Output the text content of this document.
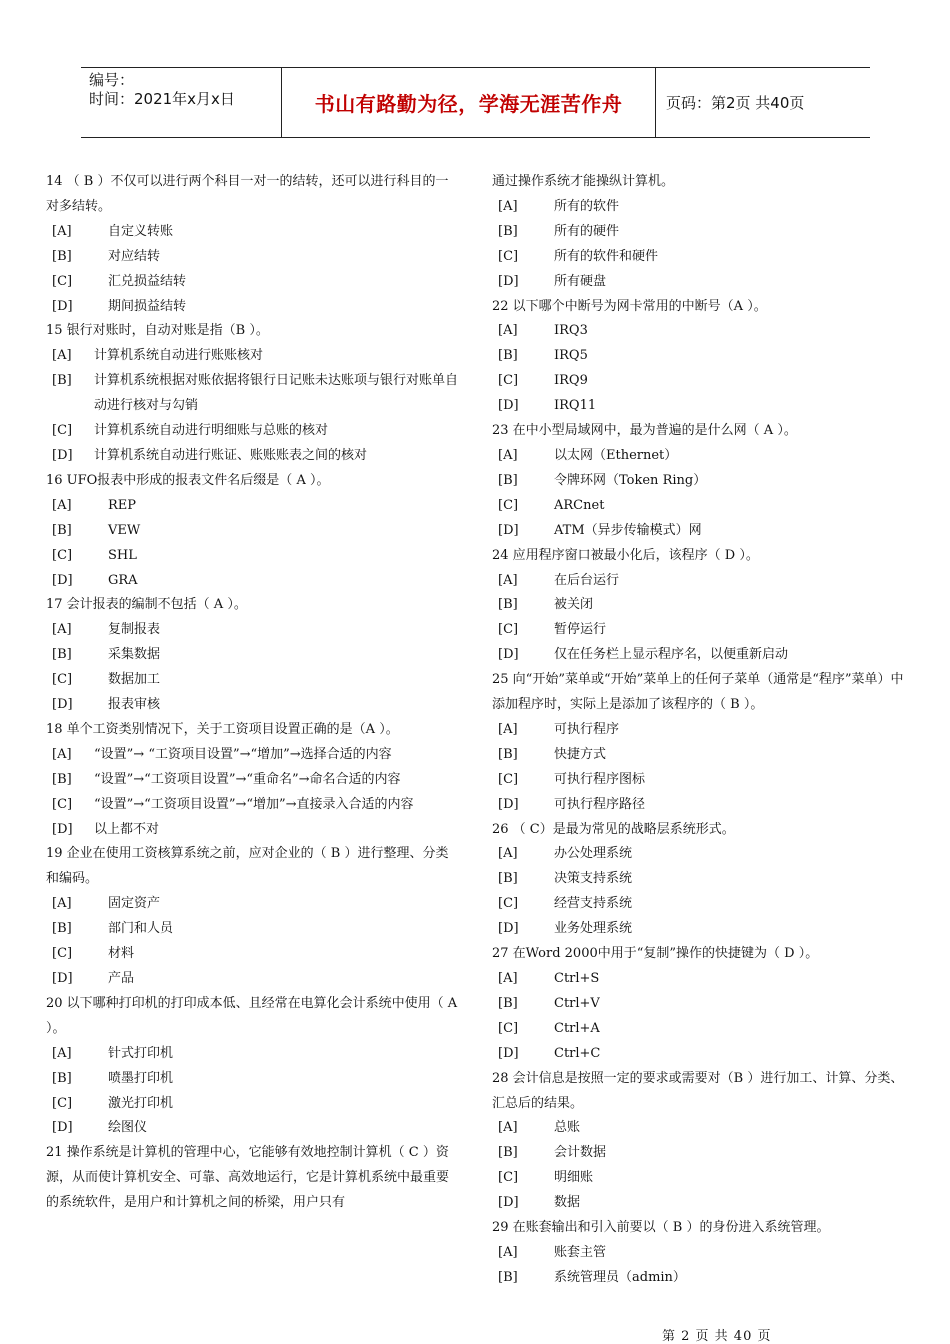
编号：
时间：2021年x月x日	书山有路勤为径，学海无涯苦作舟	页码：第2页 共40页

14 （ B ）不仅可以进行两个科目一对一的结转，还可以进行科目的一对多结转。

[A]	自定义转账
[B]	对应结转
[C]	汇兑损益结转
[D]	期间损益结转

15 银行对账时，自动对账是指（B ）。

[A]	计算机系统自动进行账账核对
[B]	计算机系统根据对账依据将银行日记账未达账项与银行对账单自动进行核对与勾销
[C]	计算机系统自动进行明细账与总账的核对
[D]	计算机系统自动进行账证、账账账表之间的核对

16 UFO报表中形成的报表文件名后缀是（ A ）。

[A]	REP
[B]	VEW
[C]	SHL
[D]	GRA

17 会计报表的编制不包括（ A ）。

[A]	复制报表
[B]	采集数据
[C]	数据加工
[D]	报表审核

18 单个工资类别情况下，关于工资项目设置正确的是（A ）。

[A]	“设置”→ “工资项目设置”→“增加”→选择合适的内容
[B]	“设置”→“工资项目设置”→“重命名”→命名合适的内容
[C]	“设置”→“工资项目设置”→“增加”→直接录入合适的内容
[D]	以上都不对

19 企业在使用工资核算系统之前，应对企业的（ B ）进行整理、分类和编码。

[A]	固定资产
[B]	部门和人员
[C]	材料
[D]	产品

20 以下哪种打印机的打印成本低、且经常在电算化会计系统中使用（ A ）。

[A]	针式打印机
[B]	喷墨打印机
[C]	激光打印机
[D]	绘图仪

21 操作系统是计算机的管理中心，它能够有效地控制计算机（ C ）资源，从而使计算机安全、可靠、高效地运行，它是计算机系统中最重要的系统软件，是用户和计算机之间的桥梁，用户只有

通过操作系统才能操纵计算机。

[A]	所有的软件
[B]	所有的硬件
[C]	所有的软件和硬件
[D]	所有硬盘

22 以下哪个中断号为网卡常用的中断号（A ）。

[A]	IRQ3
[B]	IRQ5
[C]	IRQ9
[D]	IRQ11

23 在中小型局域网中，最为普遍的是什么网（ A ）。

[A]	以太网（Ethernet）
[B]	令牌环网（Token Ring）
[C]	ARCnet
[D]	ATM（异步传输模式）网

24 应用程序窗口被最小化后，该程序（ D ）。

[A]	在后台运行
[B]	被关闭
[C]	暂停运行
[D]	仅在任务栏上显示程序名，以便重新启动

25 向“开始”菜单或“开始”菜单上的任何子菜单（通常是“程序”菜单）中添加程序时，实际上是添加了该程序的（ B ）。

[A]	可执行程序
[B]	快捷方式
[C]	可执行程序图标
[D]	可执行程序路径

26 （ C）是最为常见的战略层系统形式。

[A]	办公处理系统
[B]	决策支持系统
[C]	经营支持系统
[D]	业务处理系统

27 在Word 2000中用于“复制”操作的快捷键为（ D ）。

[A]	Ctrl+S
[B]	Ctrl+V
[C]	Ctrl+A
[D]	Ctrl+C

28 会计信息是按照一定的要求或需要对（B ）进行加工、计算、分类、汇总后的结果。

[A]	总账
[B]	会计数据
[C]	明细账
[D]	数据

29 在账套输出和引入前要以（ B ）的身份进入系统管理。

[A]	账套主管
[B]	系统管理员（admin）
第 2 页 共 40 页
